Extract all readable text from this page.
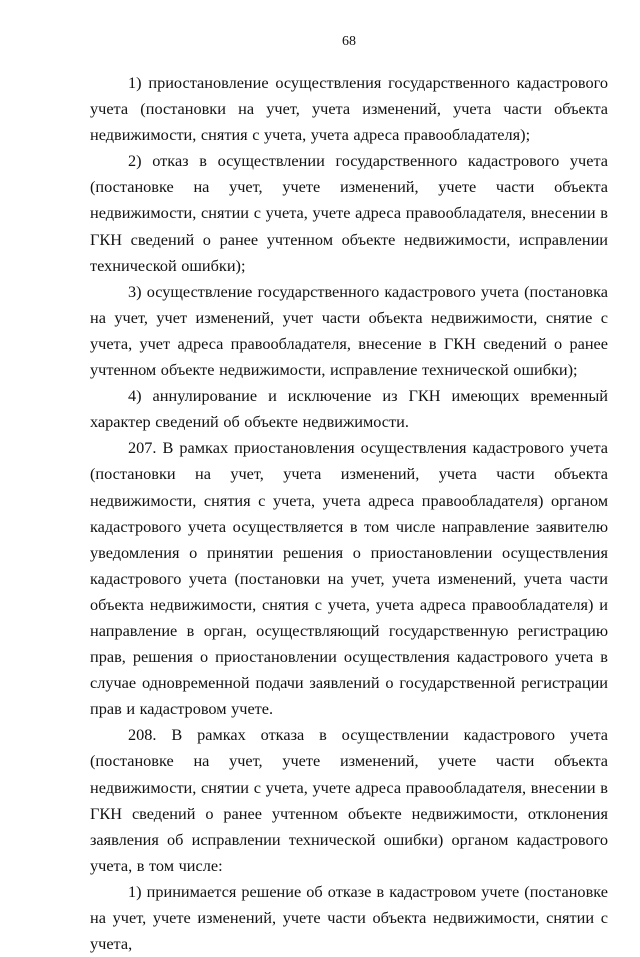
68

1) приостановление осуществления государственного кадастрового учета (постановки на учет, учета изменений, учета части объекта недвижимости, снятия с учета, учета адреса правообладателя);

2) отказ в осуществлении государственного кадастрового учета (постановке на учет, учете изменений, учете части объекта недвижимости, снятии с учета, учете адреса правообладателя, внесении в ГКН сведений о ранее учтенном объекте недвижимости, исправлении технической ошибки);

3) осуществление государственного кадастрового учета (постановка на учет, учет изменений, учет части объекта недвижимости, снятие с учета, учет адреса правообладателя, внесение в ГКН сведений о ранее учтенном объекте недвижимости, исправление технической ошибки);

4) аннулирование и исключение из ГКН имеющих временный характер сведений об объекте недвижимости.

207. В рамках приостановления осуществления кадастрового учета (постановки на учет, учета изменений, учета части объекта недвижимости, снятия с учета, учета адреса правообладателя) органом кадастрового учета осуществляется в том числе направление заявителю уведомления о принятии решения о приостановлении осуществления кадастрового учета (постановки на учет, учета изменений, учета части объекта недвижимости, снятия с учета, учета адреса правообладателя) и направление в орган, осуществляющий государственную регистрацию прав, решения о приостановлении осуществления кадастрового учета в случае одновременной подачи заявлений о государственной регистрации прав и кадастровом учете.

208. В рамках отказа в осуществлении кадастрового учета (постановке на учет, учете изменений, учете части объекта недвижимости, снятии с учета, учете адреса правообладателя, внесении в ГКН сведений о ранее учтенном объекте недвижимости, отклонения заявления об исправлении технической ошибки) органом кадастрового учета, в том числе:

1) принимается решение об отказе в кадастровом учете (постановке на учет, учете изменений, учете части объекта недвижимости, снятии с учета,
